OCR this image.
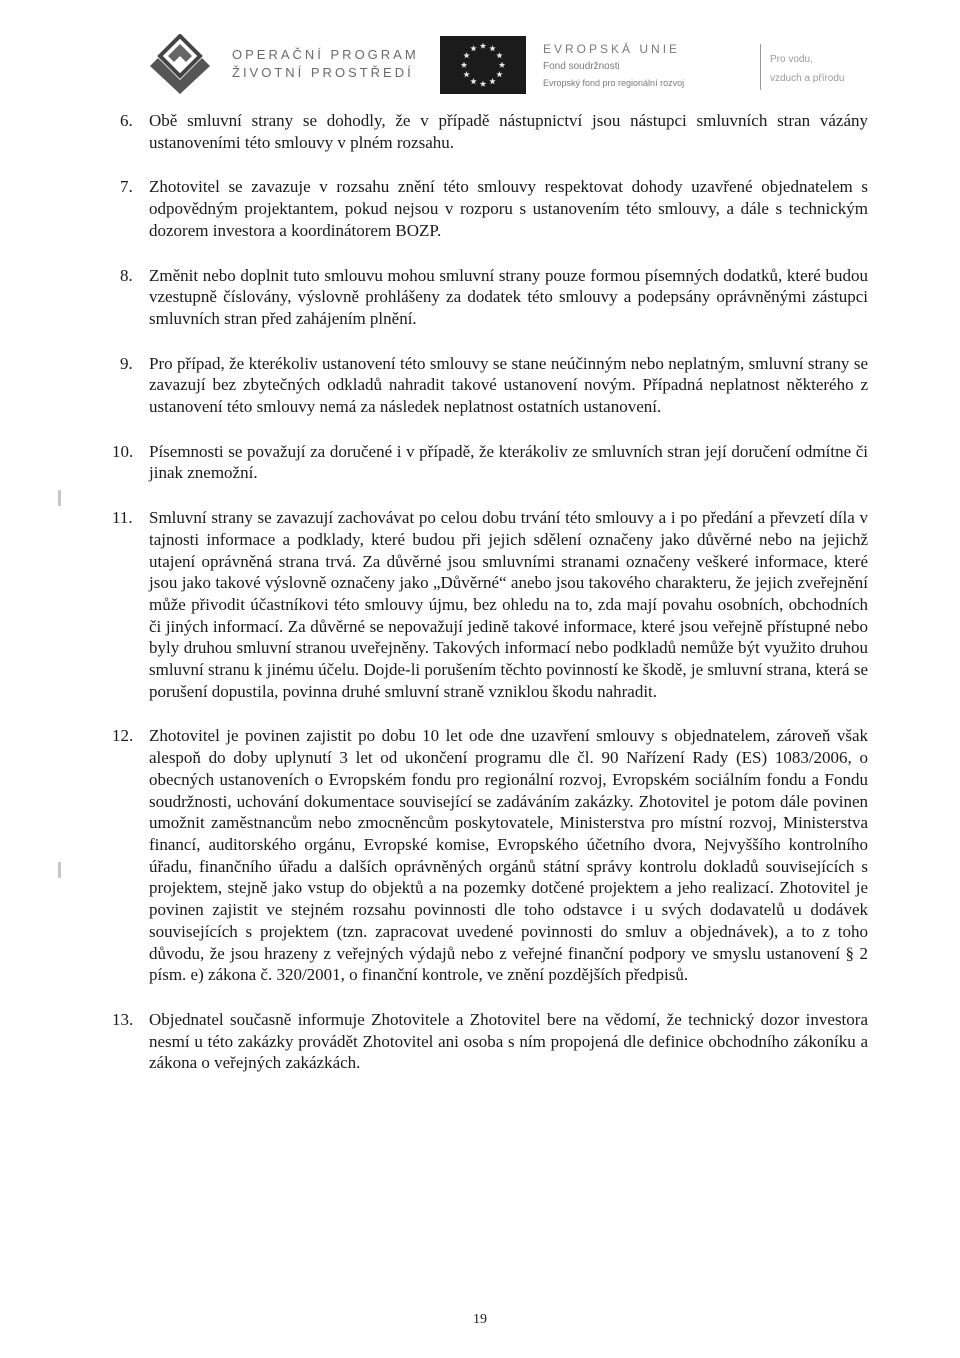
OPERAČNÍ PROGRAM
ŽIVOTNÍ PROSTŘEDÍ
EVROPSKÁ UNIE
Fond soudržnosti
Evropský fond pro regionální rozvoj
Pro vodu,
vzduch a přírodu
6. Obě smluvní strany se dohodly, že v případě nástupnictví jsou nástupci smluvních stran vázány ustanoveními této smlouvy v plném rozsahu.
7. Zhotovitel se zavazuje v rozsahu znění této smlouvy respektovat dohody uzavřené objednatelem s odpovědným projektantem, pokud nejsou v rozporu s ustanovením této smlouvy, a dále s technickým dozorem investora a koordinátorem BOZP.
8. Změnit nebo doplnit tuto smlouvu mohou smluvní strany pouze formou písemných dodatků, které budou vzestupně číslovány, výslovně prohlášeny za dodatek této smlouvy a podepsány oprávněnými zástupci smluvních stran před zahájením plnění.
9. Pro případ, že kterékoliv ustanovení této smlouvy se stane neúčinným nebo neplatným, smluvní strany se zavazují bez zbytečných odkladů nahradit takové ustanovení novým. Případná neplatnost některého z ustanovení této smlouvy nemá za následek neplatnost ostatních ustanovení.
10. Písemnosti se považují za doručené i v případě, že kterákoliv ze smluvních stran její doručení odmítne či jinak znemožní.
11. Smluvní strany se zavazují zachovávat po celou dobu trvání této smlouvy a i po předání a převzetí díla v tajnosti informace a podklady, které budou při jejich sdělení označeny jako důvěrné nebo na jejichž utajení oprávněná strana trvá. Za důvěrné jsou smluvními stranami označeny veškeré informace, které jsou jako takové výslovně označeny jako „Důvěrné“ anebo jsou takového charakteru, že jejich zveřejnění může přivodit účastníkovi této smlouvy újmu, bez ohledu na to, zda mají povahu osobních, obchodních či jiných informací. Za důvěrné se nepovažují jedině takové informace, které jsou veřejně přístupné nebo byly druhou smluvní stranou uveřejněny. Takových informací nebo podkladů nemůže být využito druhou smluvní stranu k jinému účelu. Dojde-li porušením těchto povinností ke škodě, je smluvní strana, která se porušení dopustila, povinna druhé smluvní straně vzniklou škodu nahradit.
12. Zhotovitel je povinen zajistit po dobu 10 let ode dne uzavření smlouvy s objednatelem, zároveň však alespoň do doby uplynutí 3 let od ukončení programu dle čl. 90 Nařízení Rady (ES) 1083/2006, o obecných ustanoveních o Evropském fondu pro regionální rozvoj, Evropském sociálním fondu a Fondu soudržnosti, uchování dokumentace související se zadáváním zakázky. Zhotovitel je potom dále povinen umožnit zaměstnancům nebo zmocněncům poskytovatele, Ministerstva pro místní rozvoj, Ministerstva financí, auditorského orgánu, Evropské komise, Evropského účetního dvora, Nejvyššího kontrolního úřadu, finančního úřadu a dalších oprávněných orgánů státní správy kontrolu dokladů souvisejících s projektem, stejně jako vstup do objektů a na pozemky dotčené projektem a jeho realizací. Zhotovitel je povinen zajistit ve stejném rozsahu povinnosti dle toho odstavce i u svých dodavatelů u dodávek souvisejících s projektem (tzn. zapracovat uvedené povinnosti do smluv a objednávek), a to z toho důvodu, že jsou hrazeny z veřejných výdajů nebo z veřejné finanční podpory ve smyslu ustanovení § 2 písm. e) zákona č. 320/2001, o finanční kontrole, ve znění pozdějších předpisů.
13. Objednatel současně informuje Zhotovitele a Zhotovitel bere na vědomí, že technický dozor investora nesmí u této zakázky provádět Zhotovitel ani osoba s ním propojená dle definice obchodního zákoníku a zákona o veřejných zakázkách.
19
